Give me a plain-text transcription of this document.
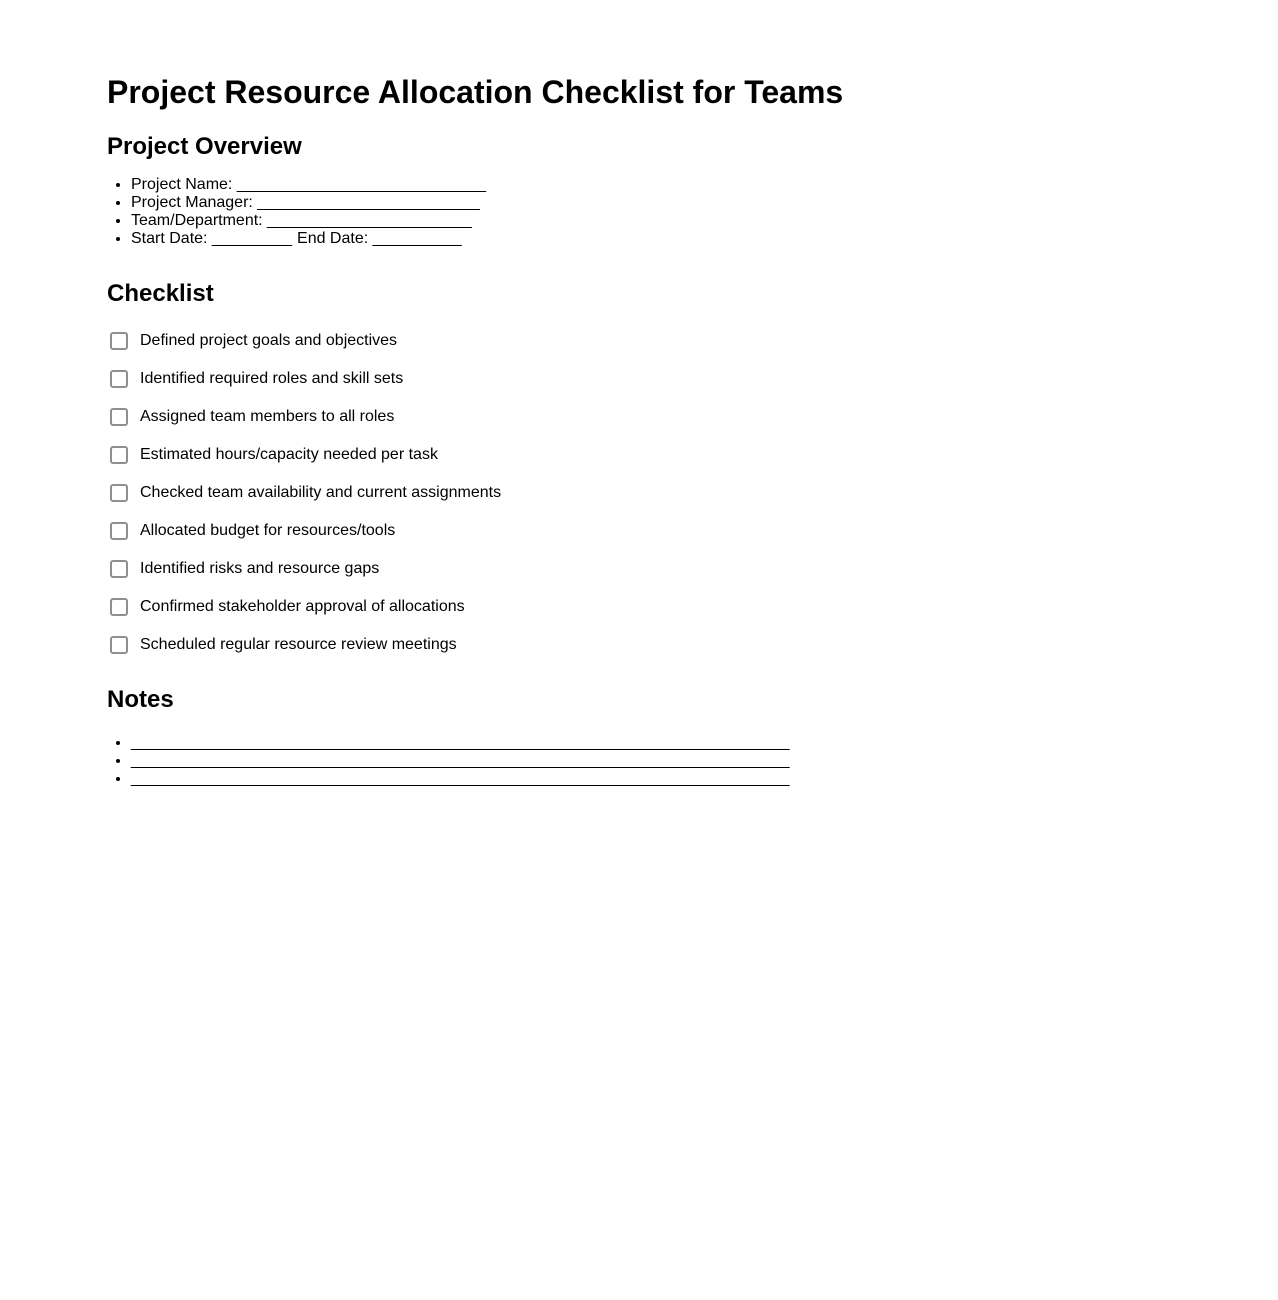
Project Resource Allocation Checklist for Teams
Project Overview
• Project Name: ____________________________
• Project Manager: _________________________
• Team/Department: _______________________
• Start Date: _________ End Date: __________
Checklist
Defined project goals and objectives
Identified required roles and skill sets
Assigned team members to all roles
Estimated hours/capacity needed per task
Checked team availability and current assignments
Allocated budget for resources/tools
Identified risks and resource gaps
Confirmed stakeholder approval of allocations
Scheduled regular resource review meetings
Notes
• __________________________________________________________________________
• __________________________________________________________________________
• __________________________________________________________________________
